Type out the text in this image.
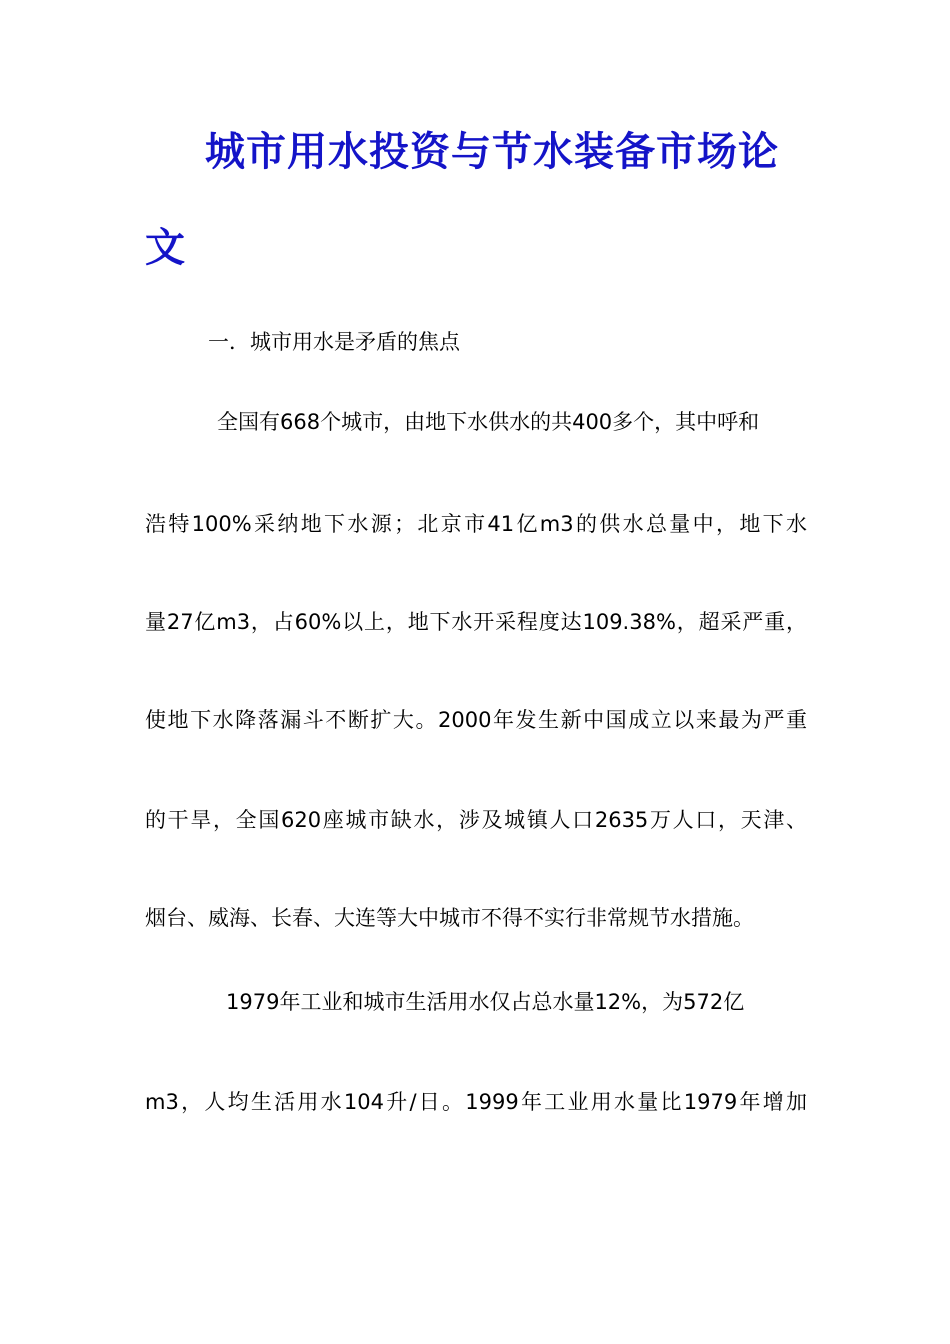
城市用水投资与节水装备市场论
文
一．城市用水是矛盾的焦点
全国有668个城市，由地下水供水的共400多个，其中呼和
浩特100%采纳地下水源；北京市41亿m3的供水总量中，地下水
量27亿m3，占60%以上，地下水开采程度达109.38%，超采严重，
使地下水降落漏斗不断扩大。2000年发生新中国成立以来最为严重
的干旱，全国620座城市缺水，涉及城镇人口2635万人口，天津、
烟台、威海、长春、大连等大中城市不得不实行非常规节水措施。
1979年工业和城市生活用水仅占总水量12%，为572亿
m3，人均生活用水104升/日。1999年工业用水量比1979年增加
